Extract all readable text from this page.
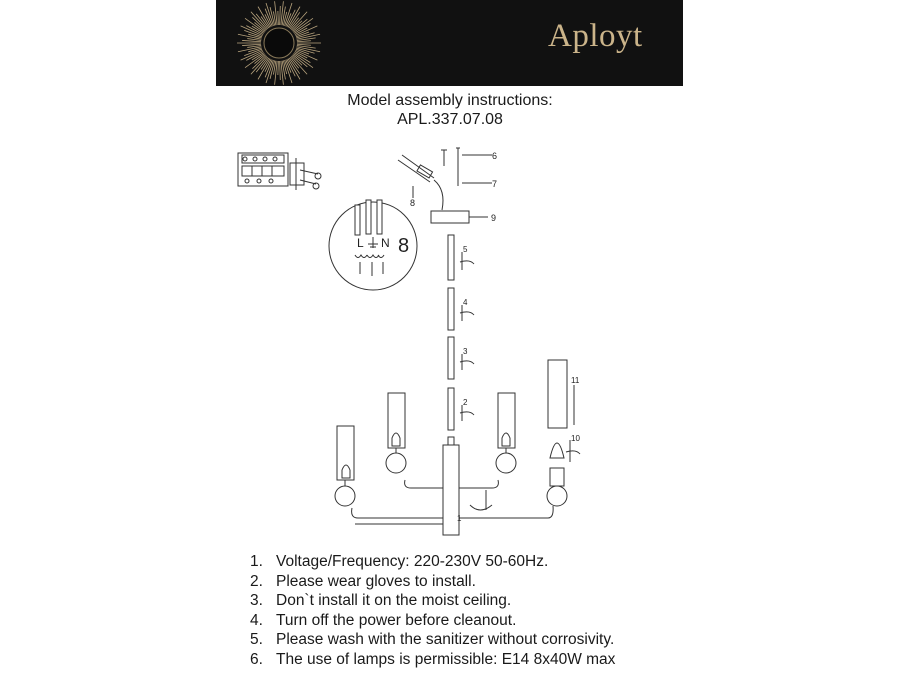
Aployt
Model assembly instructions:
APL.337.07.08
L N 8
6
7
8
9
5
4
3
2
11
10
1
1. Voltage/Frequency: 220-230V 50-60Hz.
2. Please wear gloves to install.
3. Don`t install it on the moist ceiling.
4. Turn off the power before cleanout.
5. Please wash with the sanitizer without corrosivity.
6. The use of lamps is permissible: E14 8x40W max
